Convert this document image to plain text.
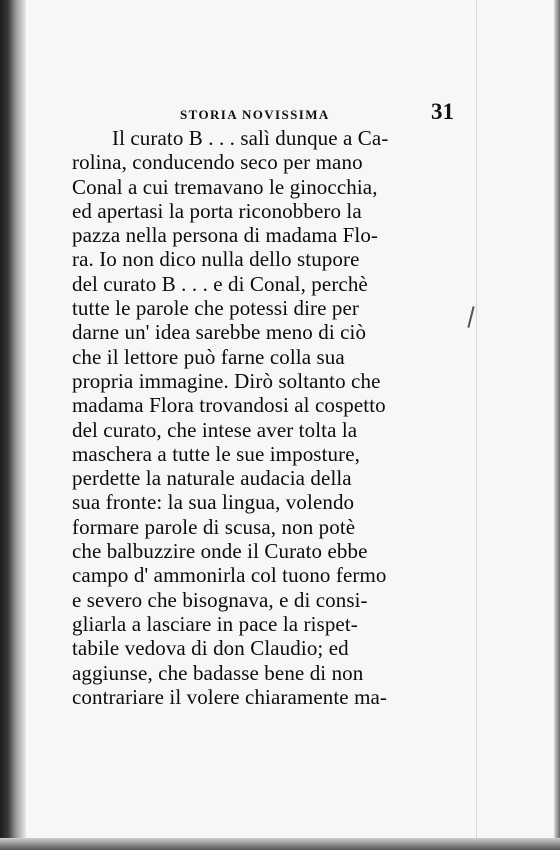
STORIA NOVISSIMA	31
Il curato B . . . salì dunque a Ca-
rolina, conducendo seco per mano
Conal a cui tremavano le ginocchia,
ed apertasi la porta riconobbero la
pazza nella persona di madama Flo-
ra. Io non dico nulla dello stupore
del curato B . . . e di Conal, perchè
tutte le parole che potessi dire per
darne un' idea sarebbe meno di ciò
che il lettore può farne colla sua
propria immagine. Dirò soltanto che
madama Flora trovandosi al cospetto
del curato, che intese aver tolta la
maschera a tutte le sue imposture,
perdette la naturale audacia della
sua fronte: la sua lingua, volendo
formare parole di scusa, non potè
che balbuzzire onde il Curato ebbe
campo d' ammonirla col tuono fermo
e severo che bisognava, e di consi-
gliarla a lasciare in pace la rispet-
tabile vedova di don Claudio; ed
aggiunse, che badasse bene di non
contrariare il volere chiaramente ma-
